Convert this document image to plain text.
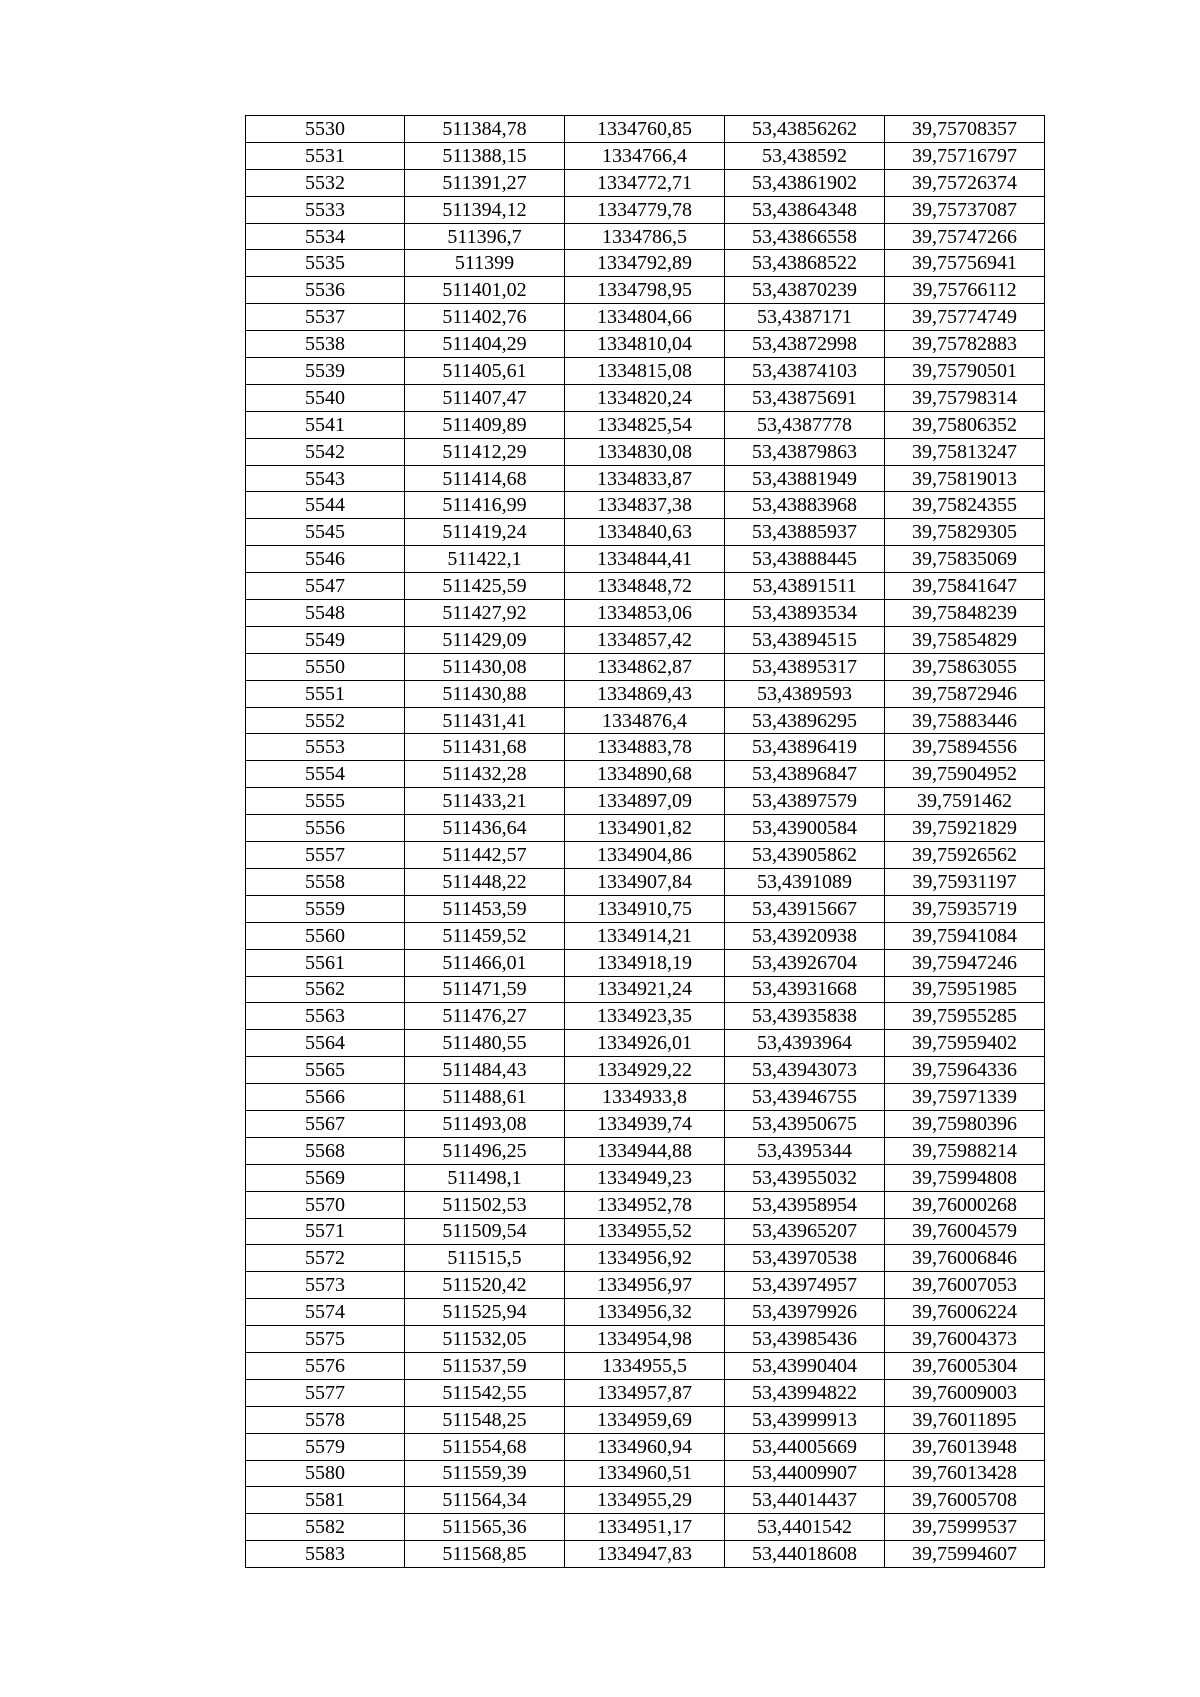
5530	511384,78	1334760,85	53,43856262	39,75708357
5531	511388,15	1334766,4	53,438592	39,75716797
5532	511391,27	1334772,71	53,43861902	39,75726374
5533	511394,12	1334779,78	53,43864348	39,75737087
5534	511396,7	1334786,5	53,43866558	39,75747266
5535	511399	1334792,89	53,43868522	39,75756941
5536	511401,02	1334798,95	53,43870239	39,75766112
5537	511402,76	1334804,66	53,4387171	39,75774749
5538	511404,29	1334810,04	53,43872998	39,75782883
5539	511405,61	1334815,08	53,43874103	39,75790501
5540	511407,47	1334820,24	53,43875691	39,75798314
5541	511409,89	1334825,54	53,4387778	39,75806352
5542	511412,29	1334830,08	53,43879863	39,75813247
5543	511414,68	1334833,87	53,43881949	39,75819013
5544	511416,99	1334837,38	53,43883968	39,75824355
5545	511419,24	1334840,63	53,43885937	39,75829305
5546	511422,1	1334844,41	53,43888445	39,75835069
5547	511425,59	1334848,72	53,43891511	39,75841647
5548	511427,92	1334853,06	53,43893534	39,75848239
5549	511429,09	1334857,42	53,43894515	39,75854829
5550	511430,08	1334862,87	53,43895317	39,75863055
5551	511430,88	1334869,43	53,4389593	39,75872946
5552	511431,41	1334876,4	53,43896295	39,75883446
5553	511431,68	1334883,78	53,43896419	39,75894556
5554	511432,28	1334890,68	53,43896847	39,75904952
5555	511433,21	1334897,09	53,43897579	39,7591462
5556	511436,64	1334901,82	53,43900584	39,75921829
5557	511442,57	1334904,86	53,43905862	39,75926562
5558	511448,22	1334907,84	53,4391089	39,75931197
5559	511453,59	1334910,75	53,43915667	39,75935719
5560	511459,52	1334914,21	53,43920938	39,75941084
5561	511466,01	1334918,19	53,43926704	39,75947246
5562	511471,59	1334921,24	53,43931668	39,75951985
5563	511476,27	1334923,35	53,43935838	39,75955285
5564	511480,55	1334926,01	53,4393964	39,75959402
5565	511484,43	1334929,22	53,43943073	39,75964336
5566	511488,61	1334933,8	53,43946755	39,75971339
5567	511493,08	1334939,74	53,43950675	39,75980396
5568	511496,25	1334944,88	53,4395344	39,75988214
5569	511498,1	1334949,23	53,43955032	39,75994808
5570	511502,53	1334952,78	53,43958954	39,76000268
5571	511509,54	1334955,52	53,43965207	39,76004579
5572	511515,5	1334956,92	53,43970538	39,76006846
5573	511520,42	1334956,97	53,43974957	39,76007053
5574	511525,94	1334956,32	53,43979926	39,76006224
5575	511532,05	1334954,98	53,43985436	39,76004373
5576	511537,59	1334955,5	53,43990404	39,76005304
5577	511542,55	1334957,87	53,43994822	39,76009003
5578	511548,25	1334959,69	53,43999913	39,76011895
5579	511554,68	1334960,94	53,44005669	39,76013948
5580	511559,39	1334960,51	53,44009907	39,76013428
5581	511564,34	1334955,29	53,44014437	39,76005708
5582	511565,36	1334951,17	53,4401542	39,75999537
5583	511568,85	1334947,83	53,44018608	39,75994607
